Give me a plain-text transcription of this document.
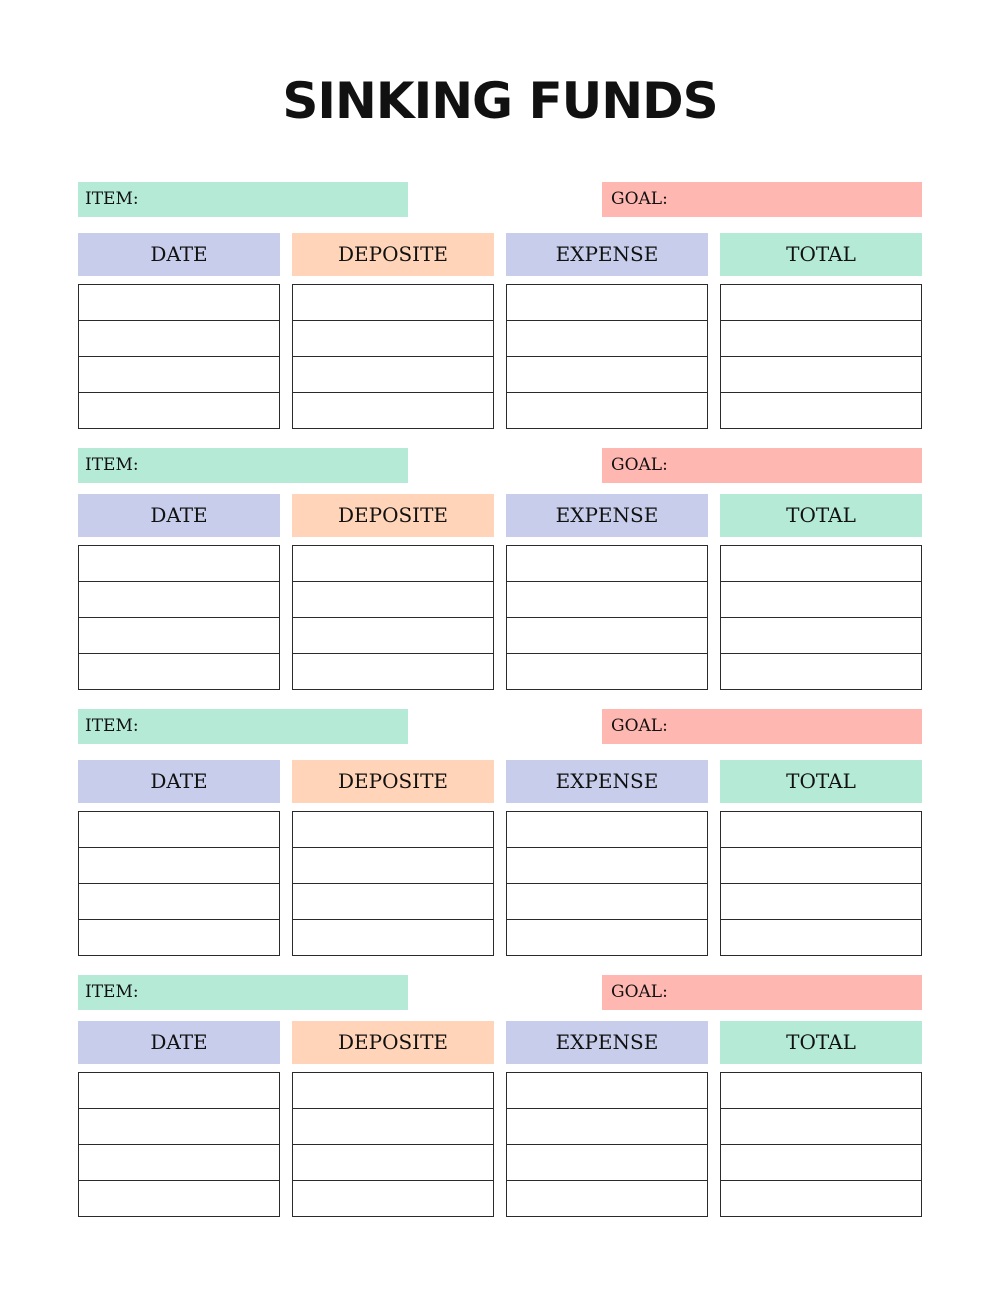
SINKING FUNDS
ITEM:	GOAL:
DATE	DEPOSITE	EXPENSE	TOTAL
ITEM:	GOAL:
DATE	DEPOSITE	EXPENSE	TOTAL
ITEM:	GOAL:
DATE	DEPOSITE	EXPENSE	TOTAL
ITEM:	GOAL:
DATE	DEPOSITE	EXPENSE	TOTAL
